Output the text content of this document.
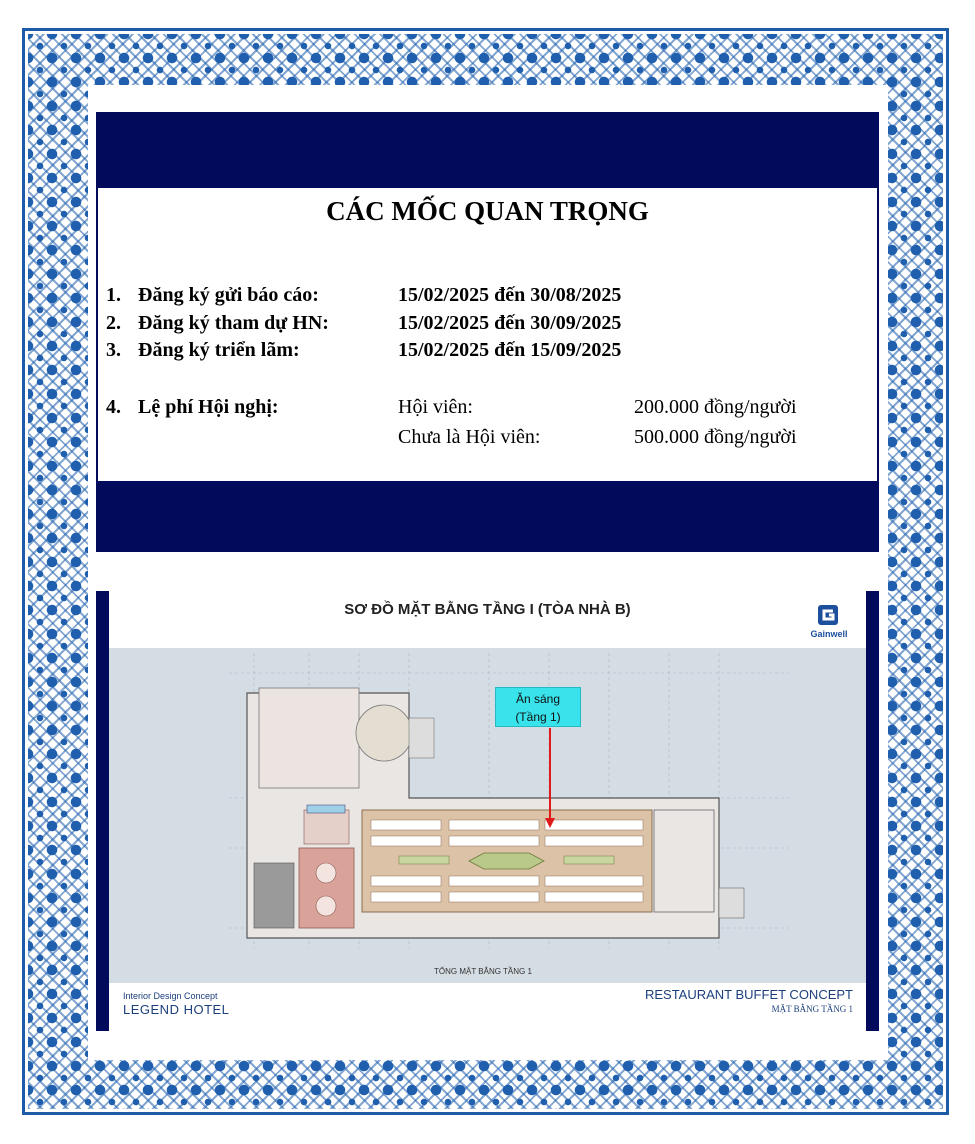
CÁC MỐC QUAN TRỌNG
1. Đăng ký gửi báo cáo:	15/02/2025 đến 30/08/2025
2. Đăng ký tham dự HN:	15/02/2025 đến 30/09/2025
3. Đăng ký triển lãm:	15/02/2025 đến 15/09/2025
4. Lệ phí Hội nghị:	Hội viên:	200.000 đồng/người
Chưa là Hội viên:	500.000 đồng/người
SƠ ĐỒ MẶT BẰNG TẦNG I (TÒA NHÀ B)
Gainwell
Ăn sáng
(Tầng 1)
TỔNG MẶT BẰNG TẦNG 1
Interior Design Concept
LEGEND HOTEL
RESTAURANT BUFFET CONCEPT
MẶT BẰNG TẦNG 1
